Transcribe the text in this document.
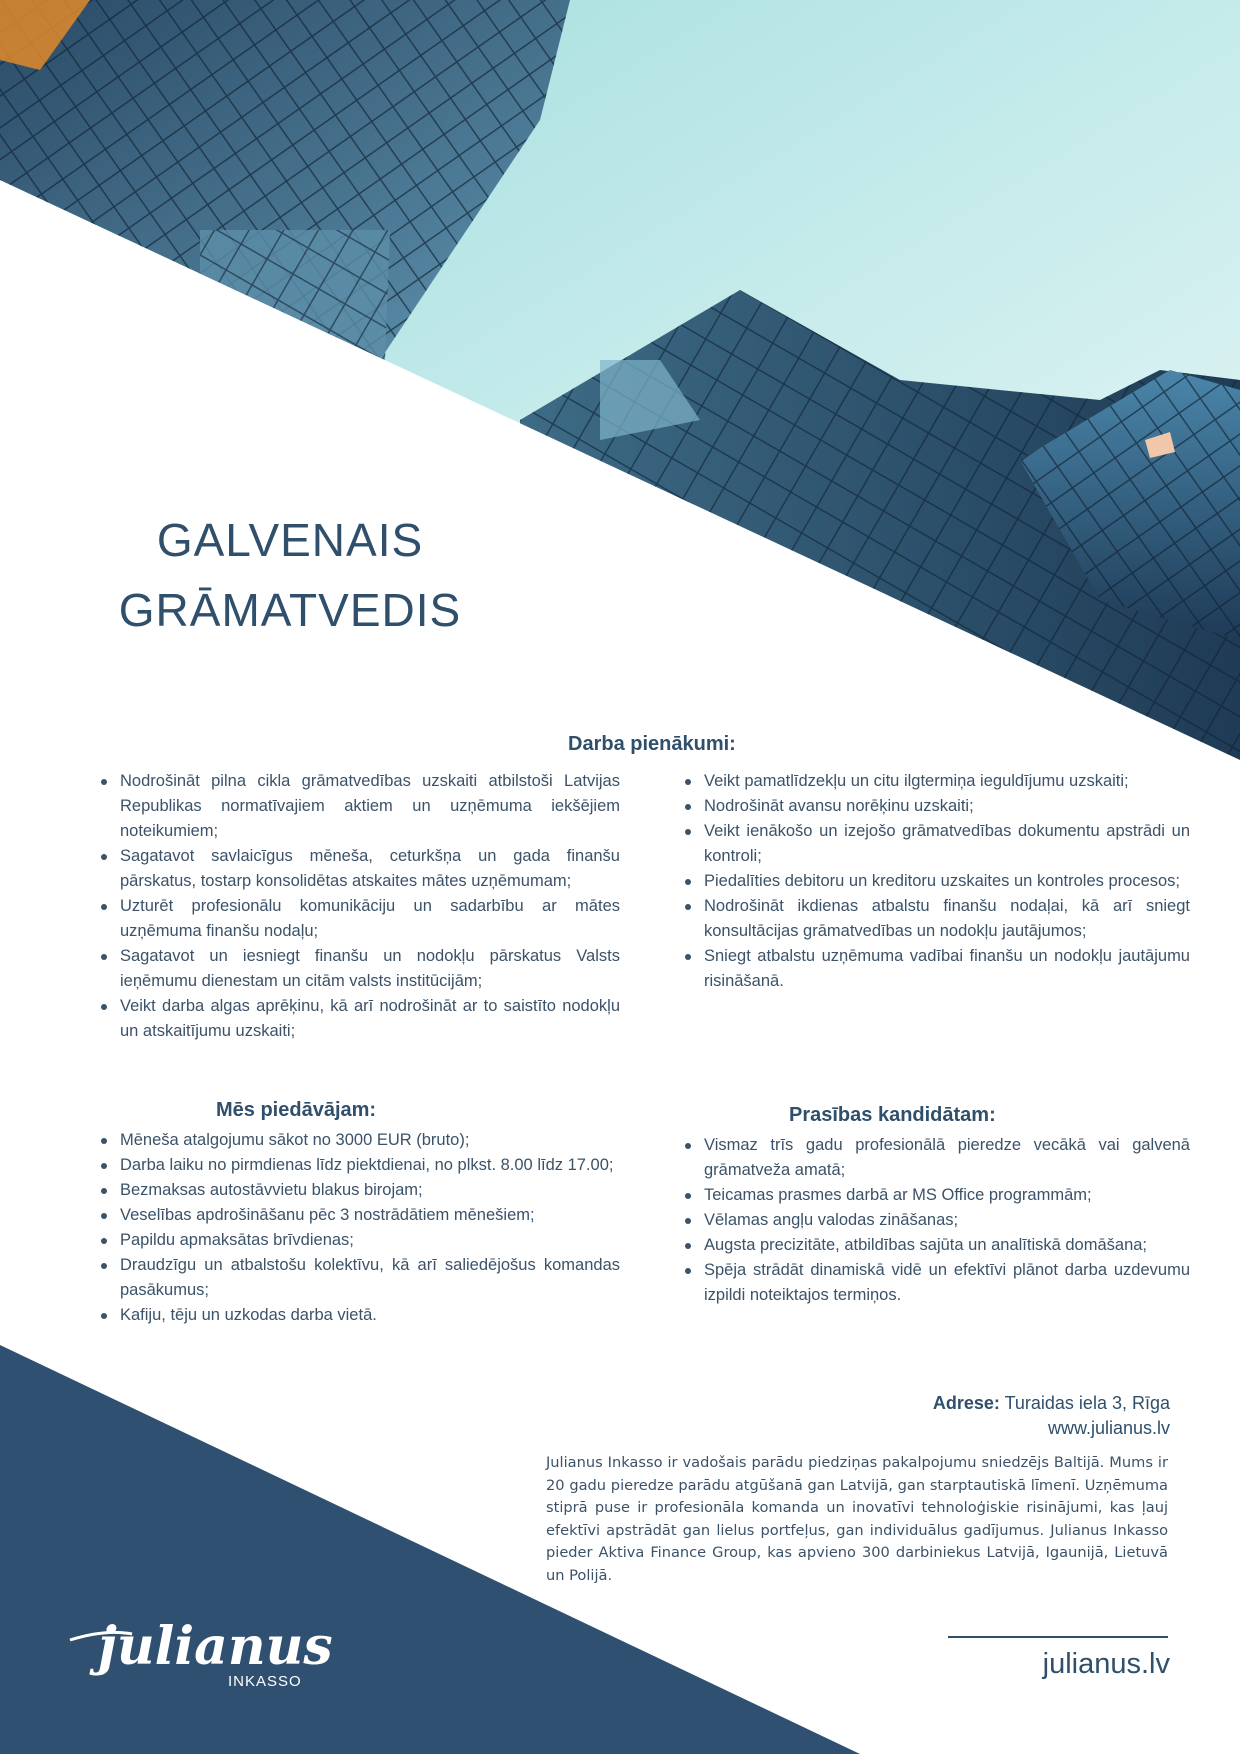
GALVENAIS
GRĀMATVEDIS
Darba pienākumi:
Nodrošināt pilna cikla grāmatvedības uzskaiti atbilstoši Latvijas Republikas normatīvajiem aktiem un uzņēmuma iekšējiem noteikumiem;
Sagatavot savlaicīgus mēneša, ceturkšņa un gada finanšu pārskatus, tostarp konsolidētas atskaites mātes uzņēmumam;
Uzturēt profesionālu komunikāciju un sadarbību ar mātes uzņēmuma finanšu nodaļu;
Sagatavot un iesniegt finanšu un nodokļu pārskatus Valsts ieņēmumu dienestam un citām valsts institūcijām;
Veikt darba algas aprēķinu, kā arī nodrošināt ar to saistīto nodokļu un atskaitījumu uzskaiti;
Veikt pamatlīdzekļu un citu ilgtermiņa ieguldījumu uzskaiti;
Nodrošināt avansu norēķinu uzskaiti;
Veikt ienākošo un izejošo grāmatvedības dokumentu apstrādi un kontroli;
Piedalīties debitoru un kreditoru uzskaites un kontroles procesos;
Nodrošināt ikdienas atbalstu finanšu nodaļai, kā arī sniegt konsultācijas grāmatvedības un nodokļu jautājumos;
Sniegt atbalstu uzņēmuma vadībai finanšu un nodokļu jautājumu risināšanā.
Mēs piedāvājam:
Mēneša atalgojumu sākot no 3000 EUR (bruto);
Darba laiku no pirmdienas līdz piektdienai, no plkst. 8.00 līdz 17.00;
Bezmaksas autostāvvietu blakus birojam;
Veselības apdrošināšanu pēc 3 nostrādātiem mēnešiem;
Papildu apmaksātas brīvdienas;
Draudzīgu un atbalstošu kolektīvu, kā arī saliedējošus komandas pasākumus;
Kafiju, tēju un uzkodas darba vietā.
Prasības kandidātam:
Vismaz trīs gadu profesionālā pieredze vecākā vai galvenā grāmatveža amatā;
Teicamas prasmes darbā ar MS Office programmām;
Vēlamas angļu valodas zināšanas;
Augsta precizitāte, atbildības sajūta un analītiskā domāšana;
Spēja strādāt dinamiskā vidē un efektīvi plānot darba uzdevumu izpildi noteiktajos termiņos.
Adrese: Turaidas iela 3, Rīga
www.julianus.lv
Julianus Inkasso ir vadošais parādu piedziņas pakalpojumu sniedzējs Baltijā. Mums ir 20 gadu pieredze parādu atgūšanā gan Latvijā, gan starptautiskā līmenī. Uzņēmuma stiprā puse ir profesionāla komanda un inovatīvi tehnoloģiskie risinājumi, kas ļauj efektīvi apstrādāt gan lielus portfeļus, gan individuālus gadījumus. Julianus Inkasso pieder Aktiva Finance Group, kas apvieno 300 darbiniekus Latvijā, Igaunijā, Lietuvā un Polijā.
julianus.lv
julianus
INKASSO
